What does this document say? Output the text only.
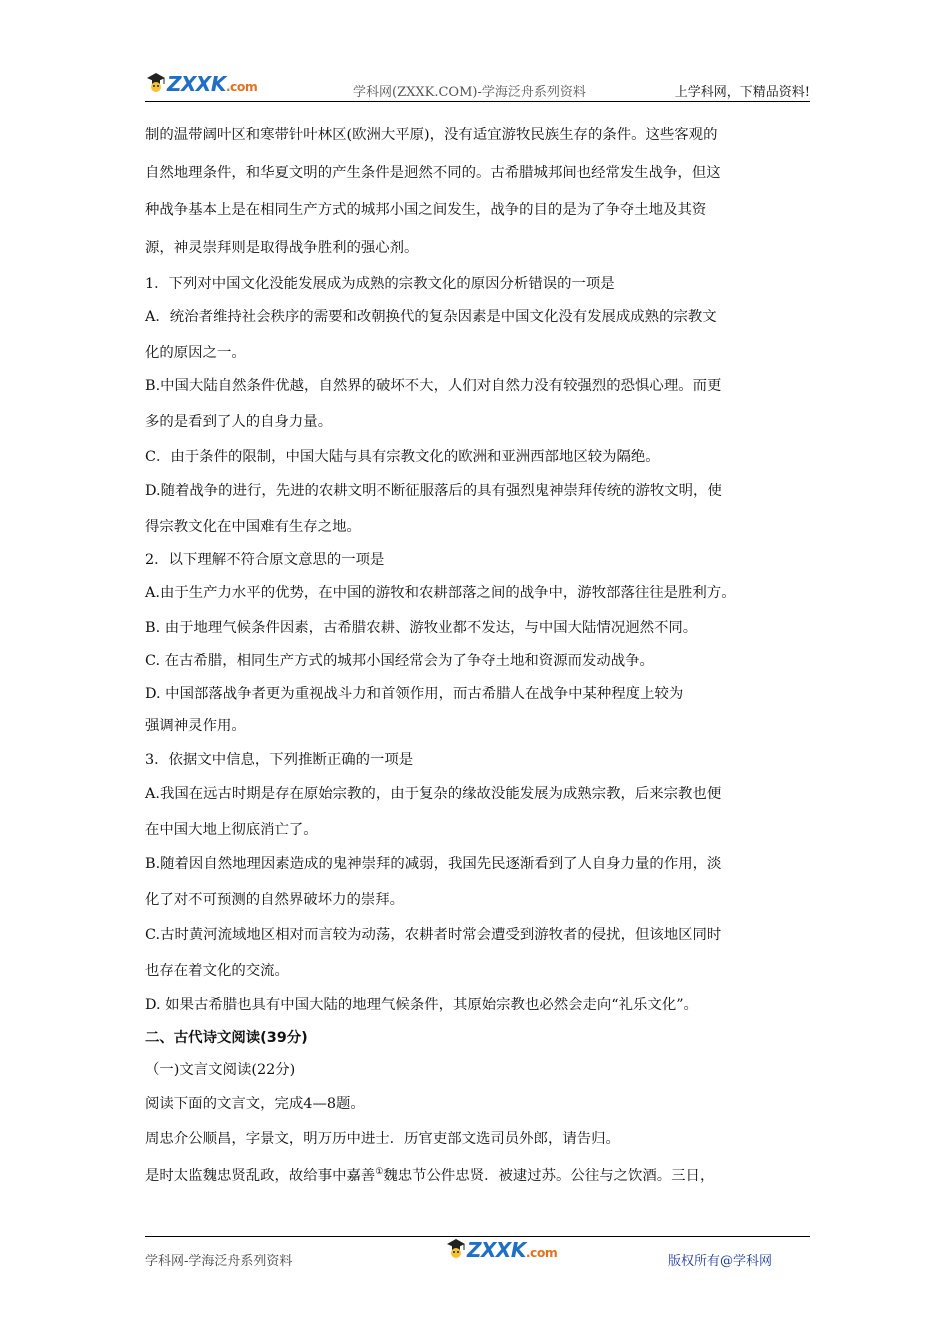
ZXXK.com	学科网(ZXXK.COM)-学海泛舟系列资料	上学科网，下精品资料!
制的温带阔叶区和寒带针叶林区(欧洲大平原)，没有适宜游牧民族生存的条件。这些客观的
自然地理条件，和华夏文明的产生条件是迥然不同的。古希腊城邦间也经常发生战争，但这
种战争基本上是在相同生产方式的城邦小国之间发生，战争的目的是为了争夺土地及其资
源，神灵崇拜则是取得战争胜利的强心剂。
1．下列对中国文化没能发展成为成熟的宗教文化的原因分析错误的一项是
A．统治者维持社会秩序的需要和改朝换代的复杂因素是中国文化没有发展成成熟的宗教文
化的原因之一。
B.中国大陆自然条件优越，自然界的破坏不大，人们对自然力没有较强烈的恐惧心理。而更
多的是看到了人的自身力量。
C．由于条件的限制，中国大陆与具有宗教文化的欧洲和亚洲西部地区较为隔绝。
D.随着战争的进行，先进的农耕文明不断征服落后的具有强烈鬼神崇拜传统的游牧文明，使
得宗教文化在中国难有生存之地。
2．以下理解不符合原文意思的一项是
A.由于生产力水平的优势，在中国的游牧和农耕部落之间的战争中，游牧部落往往是胜利方。
B. 由于地理气候条件因素，古希腊农耕、游牧业都不发达，与中国大陆情况迥然不同。
C. 在古希腊，相同生产方式的城邦小国经常会为了争夺土地和资源而发动战争。
D. 中国部落战争者更为重视战斗力和首领作用，而古希腊人在战争中某种程度上较为
强调神灵作用。
3．依据文中信息，下列推断正确的一项是
A.我国在远古时期是存在原始宗教的，由于复杂的缘故没能发展为成熟宗教，后来宗教也便
在中国大地上彻底消亡了。
B.随着因自然地理因素造成的鬼神崇拜的减弱，我国先民逐渐看到了人自身力量的作用，淡
化了对不可预测的自然界破坏力的崇拜。
C.古时黄河流域地区相对而言较为动荡，农耕者时常会遭受到游牧者的侵扰，但该地区同时
也存在着文化的交流。
D. 如果古希腊也具有中国大陆的地理气候条件，其原始宗教也必然会走向“礼乐文化”。
二、古代诗文阅读(39分)
（一)文言文阅读(22分)
阅读下面的文言文，完成4—8题。
周忠介公顺昌，字景文，明万历中进士．历官吏部文选司员外郎，请告归。
是时太监魏忠贤乱政，故给事中嘉善①魏忠节公件忠贤．被逮过苏。公往与之饮酒。三日，
学科网-学海泛舟系列资料	ZXXK.com
版权所有@学科网
